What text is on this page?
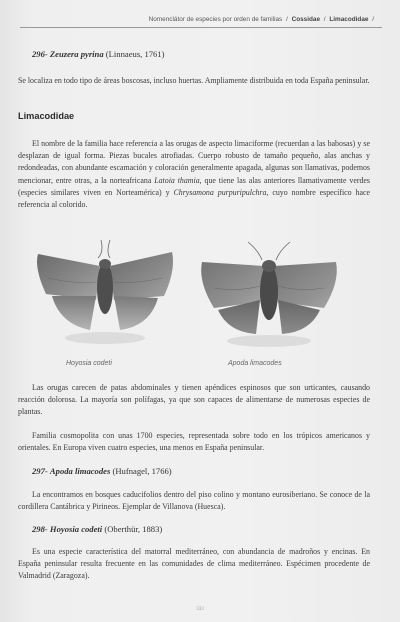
Nomenclátor de especies por orden de familias / Cossidae / Limacodidae /
296- Zeuzera pyrina (Linnaeus, 1761)

Se localiza en todo tipo de áreas boscosas, incluso huertas. Ampliamente distribuida en toda España peninsular.

Limacodidae

El nombre de la familia hace referencia a las orugas de aspecto limaciforme (recuerdan a las babosas) y se desplazan de igual forma. Piezas bucales atrofiadas. Cuerpo robusto de tamaño pequeño, alas anchas y redondeadas, con abundante escamación y coloración generalmente apagada, algunas son llamativas, podemos mencionar, entre otras, a la norteafricana Latoia thamia, que tiene las alas anteriores llamativamente verdes (especies similares viven en Norteamérica) y Chrysamona purpuripulchra, cuyo nombre específico hace referencia al colorido.

Hoyosia codeti	Apoda limacodes

Las orugas carecen de patas abdominales y tienen apéndices espinosos que son urticantes, causando reacción dolorosa. La mayoría son polífagas, ya que son capaces de alimentarse de numerosas especies de plantas.

Familia cosmopolita con unas 1700 especies, representada sobre todo en los trópicos americanos y orientales. En Europa viven cuatro especies, una menos en España peninsular.

297- Apoda limacodes (Hufnagel, 1766)

La encontramos en bosques caducifolios dentro del piso colino y montano eurosiberiano. Se conoce de la cordillera Cantábrica y Pirineos. Ejemplar de Villanova (Huesca).

298- Hoyosia codeti (Oberthür, 1883)

Es una especie característica del matorral mediterráneo, con abundancia de madroños y encinas. En España peninsular resulta frecuente en las comunidades de clima mediterráneo. Espécimen procedente de Valmadrid (Zaragoza).

333
